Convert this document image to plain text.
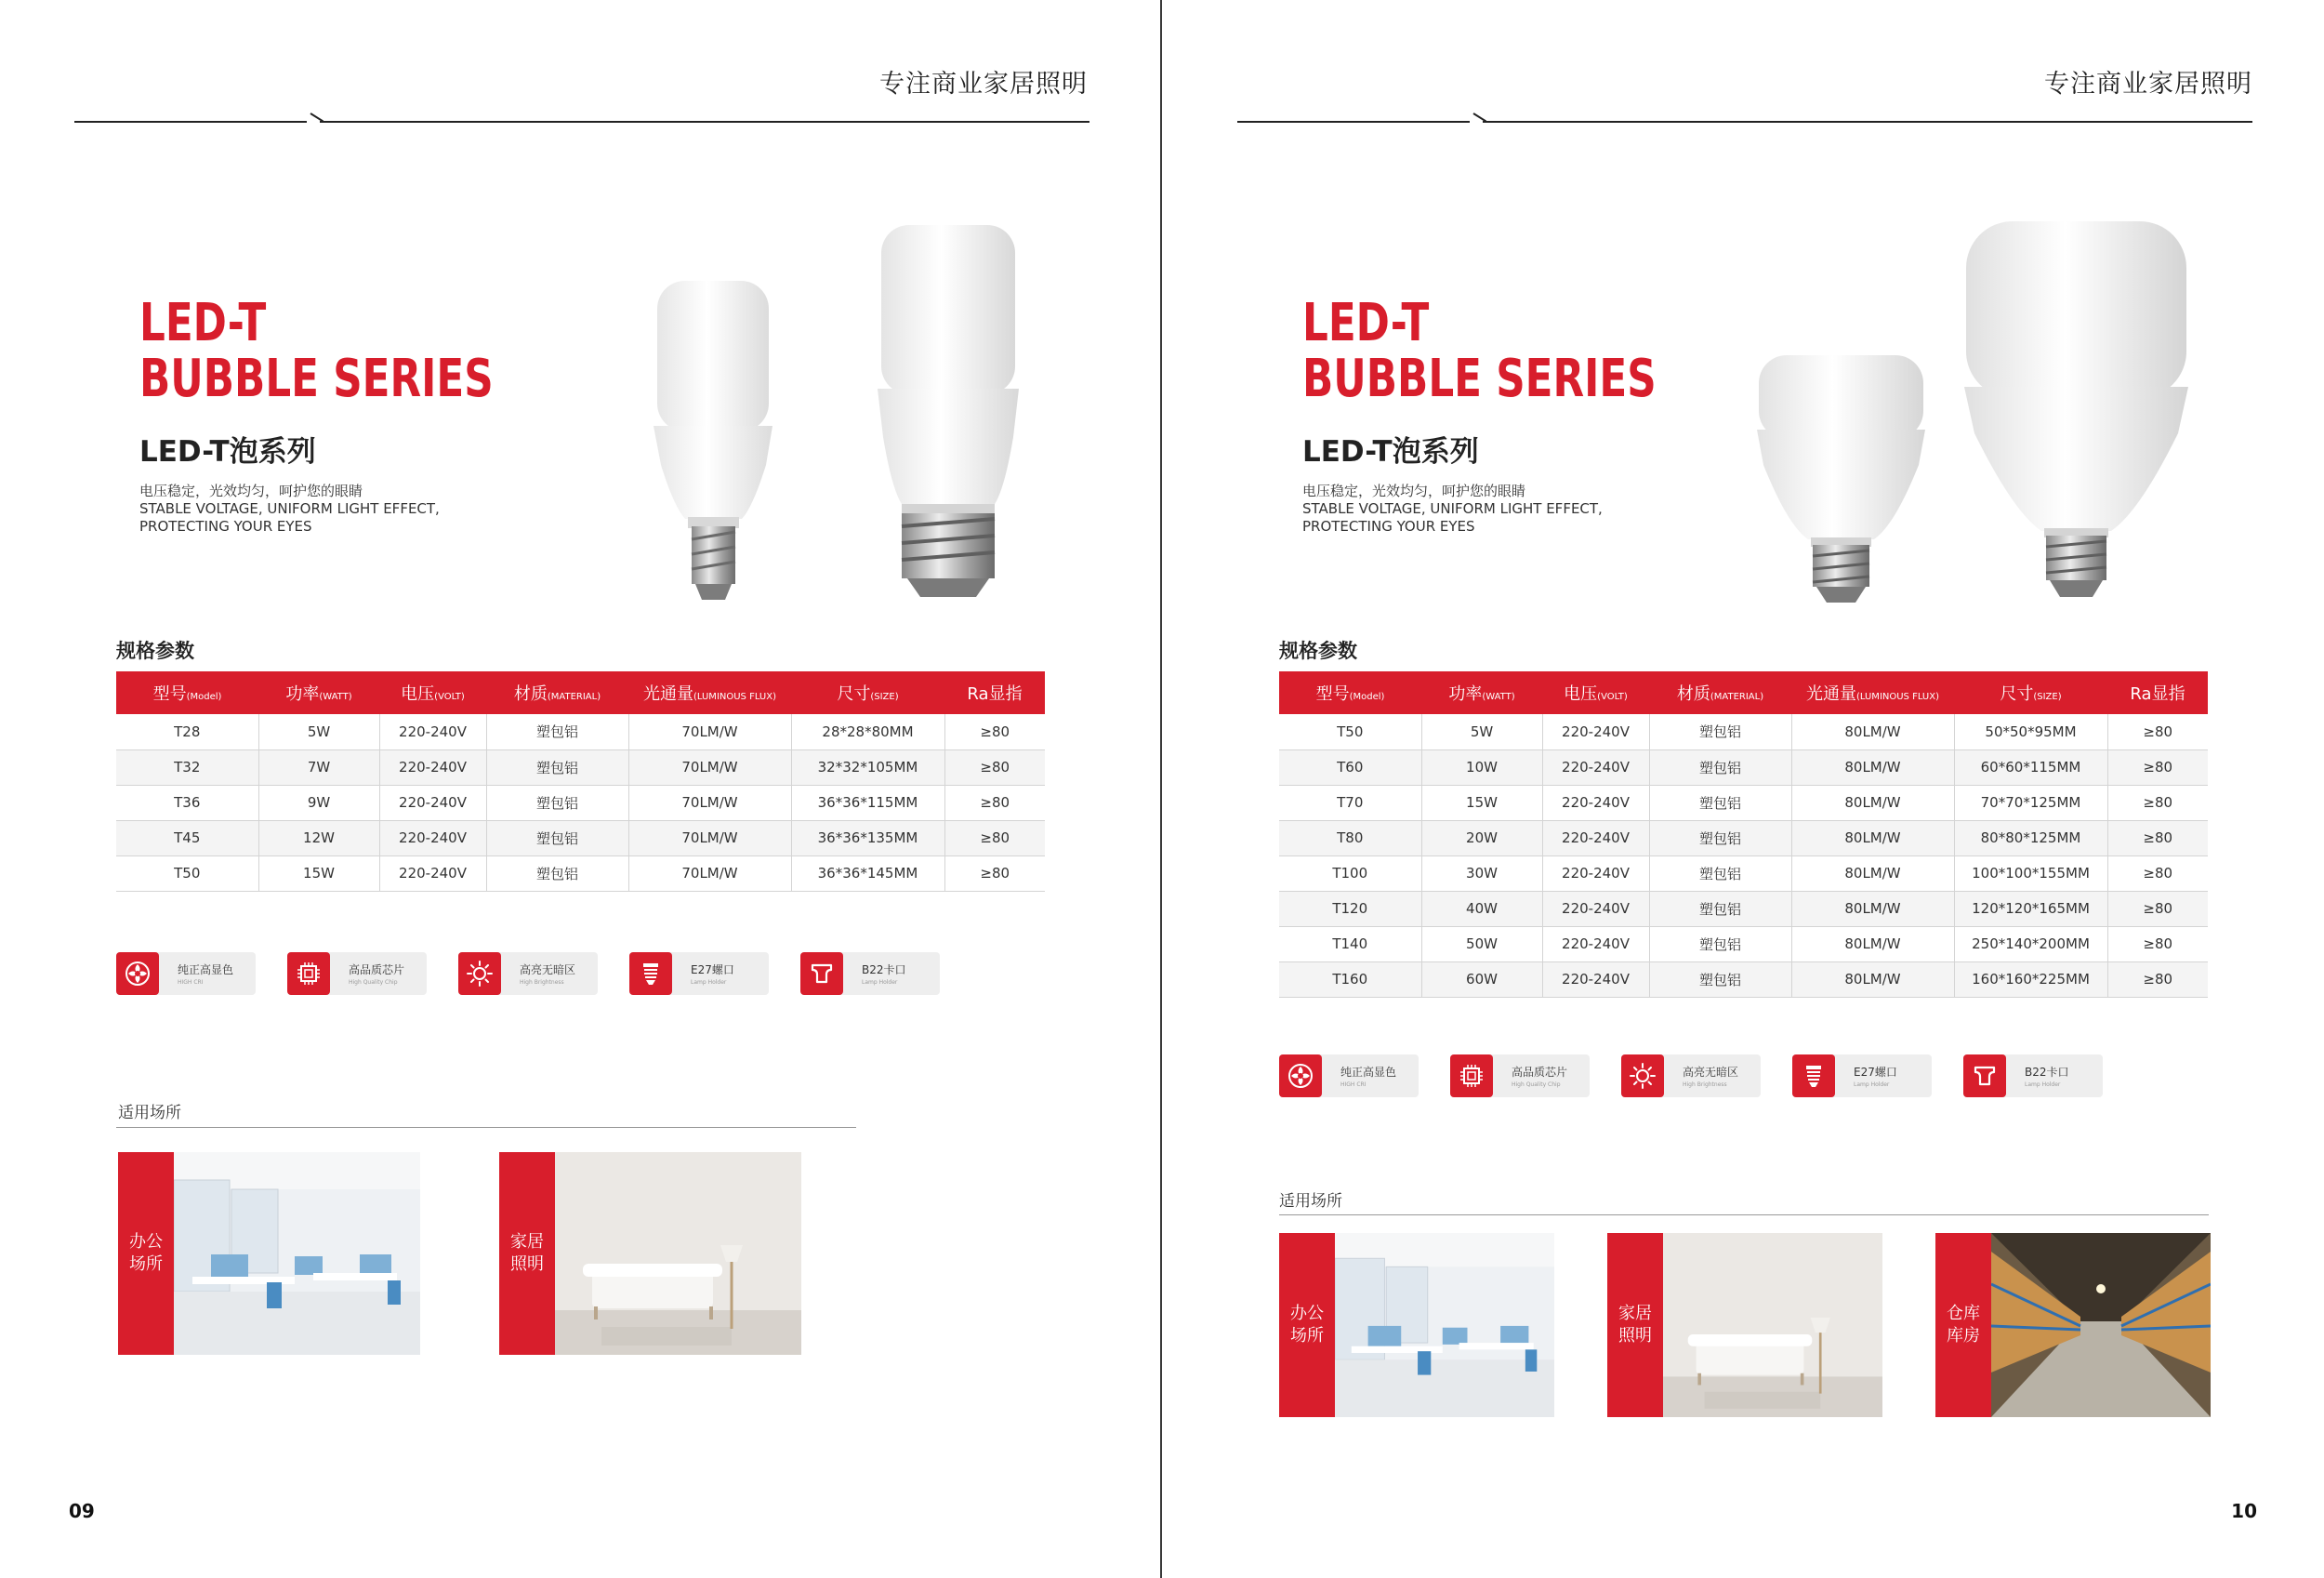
专注商业家居照明
LED-T
BUBBLE SERIES
LED-T泡系列
电压稳定，光效均匀，呵护您的眼睛
STABLE VOLTAGE, UNIFORM LIGHT EFFECT,
PROTECTING YOUR EYES
规格参数
型号(Model)	功率(WATT)	电压(VOLT)	材质(MATERIAL)	光通量(LUMINOUS FLUX)	尺寸(SIZE)	Ra显指
T28	5W	220-240V	塑包铝	70LM/W	28*28*80MM	≥80
T32	7W	220-240V	塑包铝	70LM/W	32*32*105MM	≥80
T36	9W	220-240V	塑包铝	70LM/W	36*36*115MM	≥80
T45	12W	220-240V	塑包铝	70LM/W	36*36*135MM	≥80
T50	15W	220-240V	塑包铝	70LM/W	36*36*145MM	≥80
纯正高显色
HIGH CRI
高品质芯片
High Quality Chip
高亮无暗区
High Brightness
E27螺口
Lamp Holder
B22卡口
Lamp Holder
适用场所
办公
场所
家居
照明
09
专注商业家居照明
LED-T
BUBBLE SERIES
LED-T泡系列
电压稳定，光效均匀，呵护您的眼睛
STABLE VOLTAGE, UNIFORM LIGHT EFFECT,
PROTECTING YOUR EYES
规格参数
型号(Model)	功率(WATT)	电压(VOLT)	材质(MATERIAL)	光通量(LUMINOUS FLUX)	尺寸(SIZE)	Ra显指
T50	5W	220-240V	塑包铝	80LM/W	50*50*95MM	≥80
T60	10W	220-240V	塑包铝	80LM/W	60*60*115MM	≥80
T70	15W	220-240V	塑包铝	80LM/W	70*70*125MM	≥80
T80	20W	220-240V	塑包铝	80LM/W	80*80*125MM	≥80
T100	30W	220-240V	塑包铝	80LM/W	100*100*155MM	≥80
T120	40W	220-240V	塑包铝	80LM/W	120*120*165MM	≥80
T140	50W	220-240V	塑包铝	80LM/W	250*140*200MM	≥80
T160	60W	220-240V	塑包铝	80LM/W	160*160*225MM	≥80
纯正高显色
HIGH CRI
高品质芯片
High Quality Chip
高亮无暗区
High Brightness
E27螺口
Lamp Holder
B22卡口
Lamp Holder
适用场所
办公
场所
家居
照明
仓库
库房
10
